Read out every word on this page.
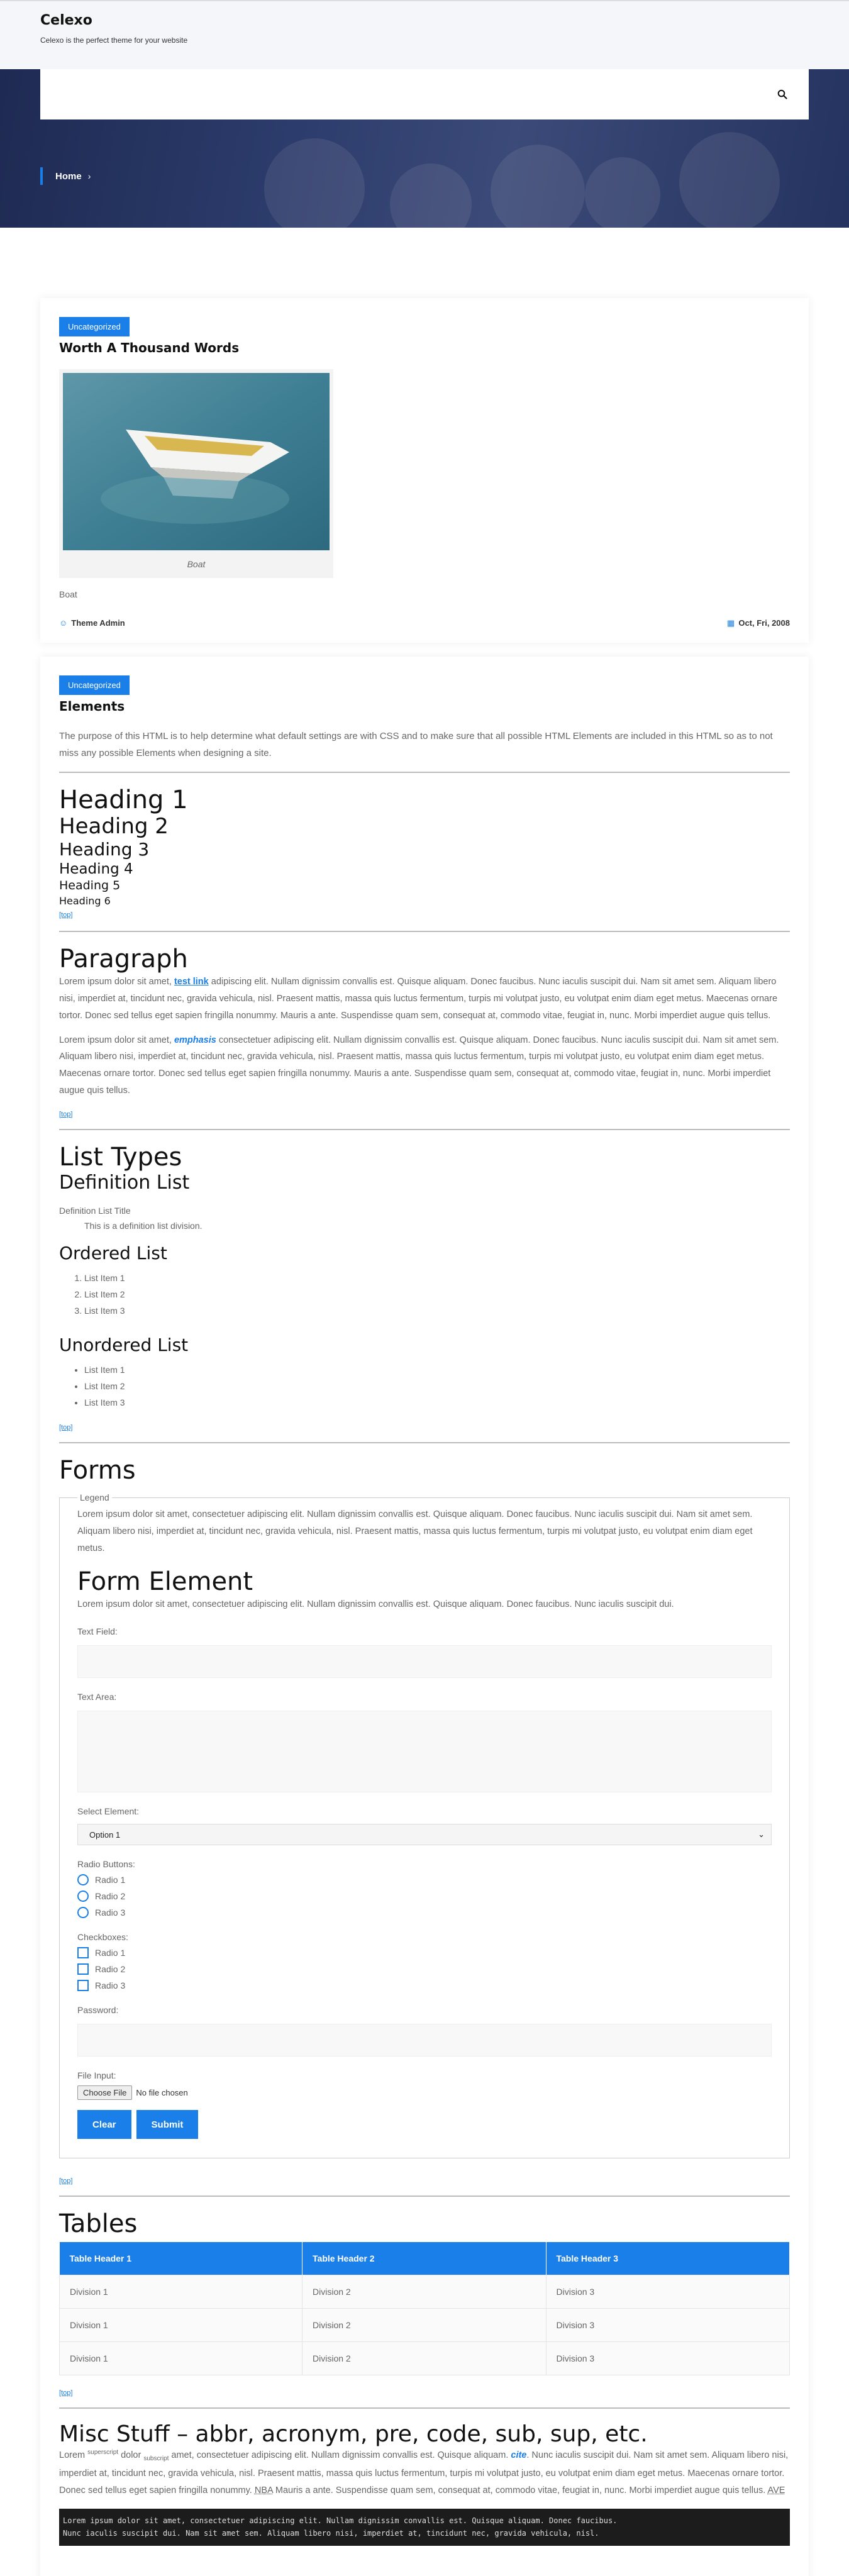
Celexo
Celexo is the perfect theme for your website
Home ›
Uncategorized
Worth A Thousand Words
Boat

Boat

☺ Theme Admin	▦ Oct, Fri, 2008
Uncategorized
Elements

The purpose of this HTML is to help determine what default settings are with CSS and to make sure that all possible HTML Elements are included in this HTML so as to not miss any possible Elements when designing a site.

Heading 1
Heading 2
Heading 3
Heading 4
Heading 5
Heading 6
[top]
Paragraph

Lorem ipsum dolor sit amet, test link adipiscing elit. Nullam dignissim convallis est. Quisque aliquam. Donec faucibus. Nunc iaculis suscipit dui. Nam sit amet sem. Aliquam libero nisi, imperdiet at, tincidunt nec, gravida vehicula, nisl. Praesent mattis, massa quis luctus fermentum, turpis mi volutpat justo, eu volutpat enim diam eget metus. Maecenas ornare tortor. Donec sed tellus eget sapien fringilla nonummy. Mauris a ante. Suspendisse quam sem, consequat at, commodo vitae, feugiat in, nunc. Morbi imperdiet augue quis tellus.

Lorem ipsum dolor sit amet, emphasis consectetuer adipiscing elit. Nullam dignissim convallis est. Quisque aliquam. Donec faucibus. Nunc iaculis suscipit dui. Nam sit amet sem. Aliquam libero nisi, imperdiet at, tincidunt nec, gravida vehicula, nisl. Praesent mattis, massa quis luctus fermentum, turpis mi volutpat justo, eu volutpat enim diam eget metus. Maecenas ornare tortor. Donec sed tellus eget sapien fringilla nonummy. Mauris a ante. Suspendisse quam sem, consequat at, commodo vitae, feugiat in, nunc. Morbi imperdiet augue quis tellus.

[top]
List Types
Definition List
Definition List Title
This is a definition list division.
Ordered List
1. List Item 1
2. List Item 2
3. List Item 3
Unordered List
• List Item 1
• List Item 2
• List Item 3
[top]
Forms
Legend

Lorem ipsum dolor sit amet, consectetuer adipiscing elit. Nullam dignissim convallis est. Quisque aliquam. Donec faucibus. Nunc iaculis suscipit dui. Nam sit amet sem. Aliquam libero nisi, imperdiet at, tincidunt nec, gravida vehicula, nisl. Praesent mattis, massa quis luctus fermentum, turpis mi volutpat justo, eu volutpat enim diam eget metus.

Form Element

Lorem ipsum dolor sit amet, consectetuer adipiscing elit. Nullam dignissim convallis est. Quisque aliquam. Donec faucibus. Nunc iaculis suscipit dui.

Text Field:
Text Area:
Select Element:
Option 1	⌄
Radio Buttons:
Radio 1
Radio 2
Radio 3
Checkboxes:
Radio 1
Radio 2
Radio 3
Password:
File Input:
Choose File	No file chosen
Clear	Submit
[top]
Tables
Table Header 1	Table Header 2	Table Header 3
Division 1	Division 2	Division 3
Division 1	Division 2	Division 3
Division 1	Division 2	Division 3
[top]
Misc Stuff – abbr, acronym, pre, code, sub, sup, etc.

Lorem $^{superscript}$ dolor $_{subscript}$ amet, consectetuer adipiscing elit. Nullam dignissim convallis est. Quisque aliquam. cite. Nunc iaculis suscipit dui. Nam sit amet sem. Aliquam libero nisi, imperdiet at, tincidunt nec, gravida vehicula, nisl. Praesent mattis, massa quis luctus fermentum, turpis mi volutpat justo, eu volutpat enim diam eget metus. Maecenas ornare tortor. Donec sed tellus eget sapien fringilla nonummy. NBA Mauris a ante. Suspendisse quam sem, consequat at, commodo vitae, feugiat in, nunc. Morbi imperdiet augue quis tellus. AVE

Lorem ipsum dolor sit amet, consectetuer adipiscing elit. Nullam dignissim convallis est. Quisque aliquam. Donec faucibus.
Nunc iaculis suscipit dui. Nam sit amet sem. Aliquam libero nisi, imperdiet at, tincidunt nec, gravida vehicula, nisl.
